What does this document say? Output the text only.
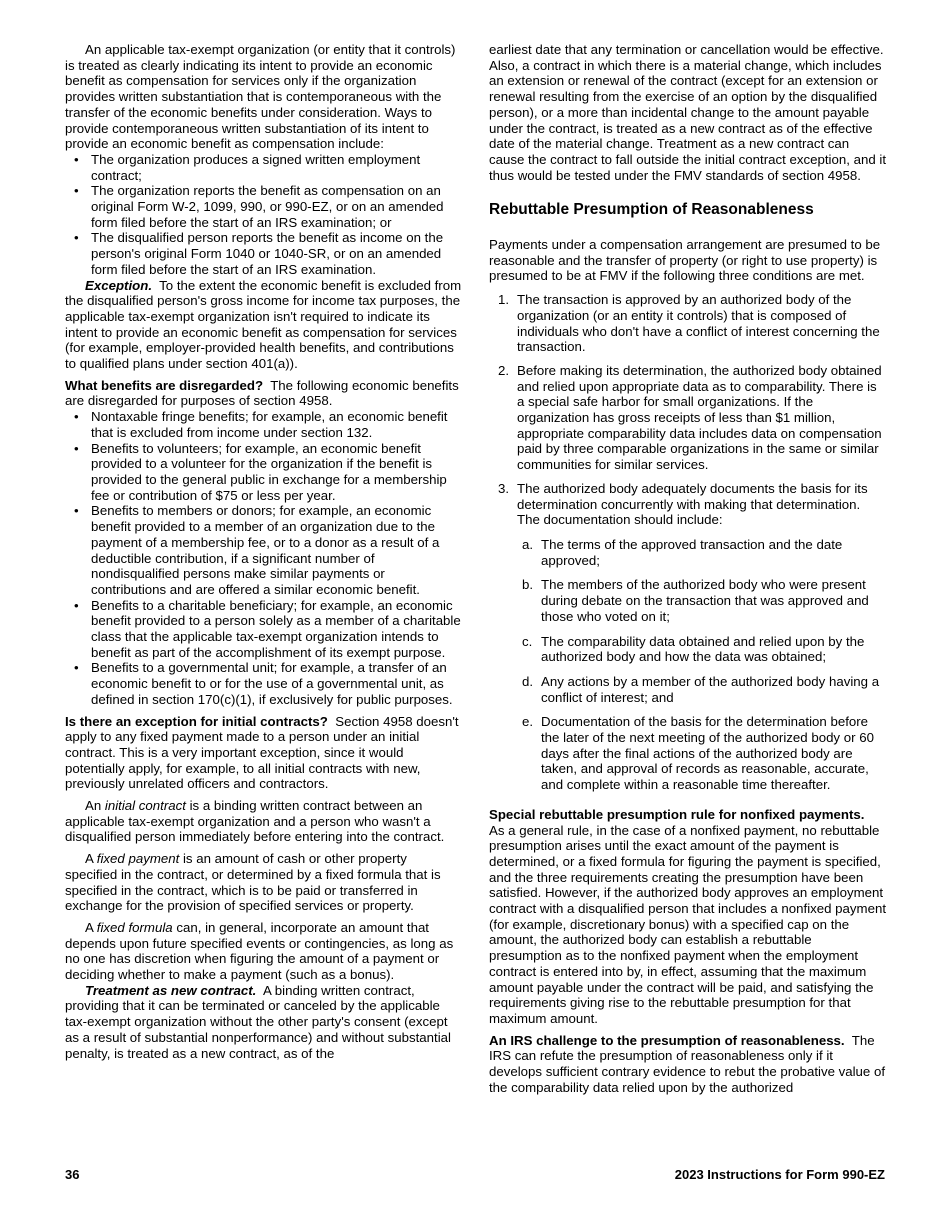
An applicable tax-exempt organization (or entity that it controls) is treated as clearly indicating its intent to provide an economic benefit as compensation for services only if the organization provides written substantiation that is contemporaneous with the transfer of the economic benefits under consideration. Ways to provide contemporaneous written substantiation of its intent to provide an economic benefit as compensation include:

• The organization produces a signed written employment contract;
• The organization reports the benefit as compensation on an original Form W-2, 1099, 990, or 990-EZ, or on an amended form filed before the start of an IRS examination; or
• The disqualified person reports the benefit as income on the person's original Form 1040 or 1040-SR, or on an amended form filed before the start of an IRS examination.

Exception. To the extent the economic benefit is excluded from the disqualified person's gross income for income tax purposes, the applicable tax-exempt organization isn't required to indicate its intent to provide an economic benefit as compensation for services (for example, employer-provided health benefits, and contributions to qualified plans under section 401(a)).

What benefits are disregarded? The following economic benefits are disregarded for purposes of section 4958.

• Nontaxable fringe benefits; for example, an economic benefit that is excluded from income under section 132.
• Benefits to volunteers; for example, an economic benefit provided to a volunteer for the organization if the benefit is provided to the general public in exchange for a membership fee or contribution of $75 or less per year.
• Benefits to members or donors; for example, an economic benefit provided to a member of an organization due to the payment of a membership fee, or to a donor as a result of a deductible contribution, if a significant number of nondisqualified persons make similar payments or contributions and are offered a similar economic benefit.
• Benefits to a charitable beneficiary; for example, an economic benefit provided to a person solely as a member of a charitable class that the applicable tax-exempt organization intends to benefit as part of the accomplishment of its exempt purpose.
• Benefits to a governmental unit; for example, a transfer of an economic benefit to or for the use of a governmental unit, as defined in section 170(c)(1), if exclusively for public purposes.

Is there an exception for initial contracts? Section 4958 doesn't apply to any fixed payment made to a person under an initial contract. This is a very important exception, since it would potentially apply, for example, to all initial contracts with new, previously unrelated officers and contractors.

An initial contract is a binding written contract between an applicable tax-exempt organization and a person who wasn't a disqualified person immediately before entering into the contract.

A fixed payment is an amount of cash or other property specified in the contract, or determined by a fixed formula that is specified in the contract, which is to be paid or transferred in exchange for the provision of specified services or property.

A fixed formula can, in general, incorporate an amount that depends upon future specified events or contingencies, as long as no one has discretion when figuring the amount of a payment or deciding whether to make a payment (such as a bonus).

Treatment as new contract. A binding written contract, providing that it can be terminated or canceled by the applicable tax-exempt organization without the other party's consent (except as a result of substantial nonperformance) and without substantial penalty, is treated as a new contract, as of the

earliest date that any termination or cancellation would be effective. Also, a contract in which there is a material change, which includes an extension or renewal of the contract (except for an extension or renewal resulting from the exercise of an option by the disqualified person), or a more than incidental change to the amount payable under the contract, is treated as a new contract as of the effective date of the material change. Treatment as a new contract can cause the contract to fall outside the initial contract exception, and it thus would be tested under the FMV standards of section 4958.

Rebuttable Presumption of Reasonableness

Payments under a compensation arrangement are presumed to be reasonable and the transfer of property (or right to use property) is presumed to be at FMV if the following three conditions are met.

1. The transaction is approved by an authorized body of the organization (or an entity it controls) that is composed of individuals who don't have a conflict of interest concerning the transaction.
2. Before making its determination, the authorized body obtained and relied upon appropriate data as to comparability. There is a special safe harbor for small organizations. If the organization has gross receipts of less than $1 million, appropriate comparability data includes data on compensation paid by three comparable organizations in the same or similar communities for similar services.
3. The authorized body adequately documents the basis for its determination concurrently with making that determination. The documentation should include:
a. The terms of the approved transaction and the date approved;
b. The members of the authorized body who were present during debate on the transaction that was approved and those who voted on it;
c. The comparability data obtained and relied upon by the authorized body and how the data was obtained;
d. Any actions by a member of the authorized body having a conflict of interest; and
e. Documentation of the basis for the determination before the later of the next meeting of the authorized body or 60 days after the final actions of the authorized body are taken, and approval of records as reasonable, accurate, and complete within a reasonable time thereafter.

Special rebuttable presumption rule for nonfixed payments.  As a general rule, in the case of a nonfixed payment, no rebuttable presumption arises until the exact amount of the payment is determined, or a fixed formula for figuring the payment is specified, and the three requirements creating the presumption have been satisfied. However, if the authorized body approves an employment contract with a disqualified person that includes a nonfixed payment (for example, discretionary bonus) with a specified cap on the amount, the authorized body can establish a rebuttable presumption as to the nonfixed payment when the employment contract is entered into by, in effect, assuming that the maximum amount payable under the contract will be paid, and satisfying the requirements giving rise to the rebuttable presumption for that maximum amount.

An IRS challenge to the presumption of reasonableness. The IRS can refute the presumption of reasonableness only if it develops sufficient contrary evidence to rebut the probative value of the comparability data relied upon by the authorized

36	2023 Instructions for Form 990-EZ
